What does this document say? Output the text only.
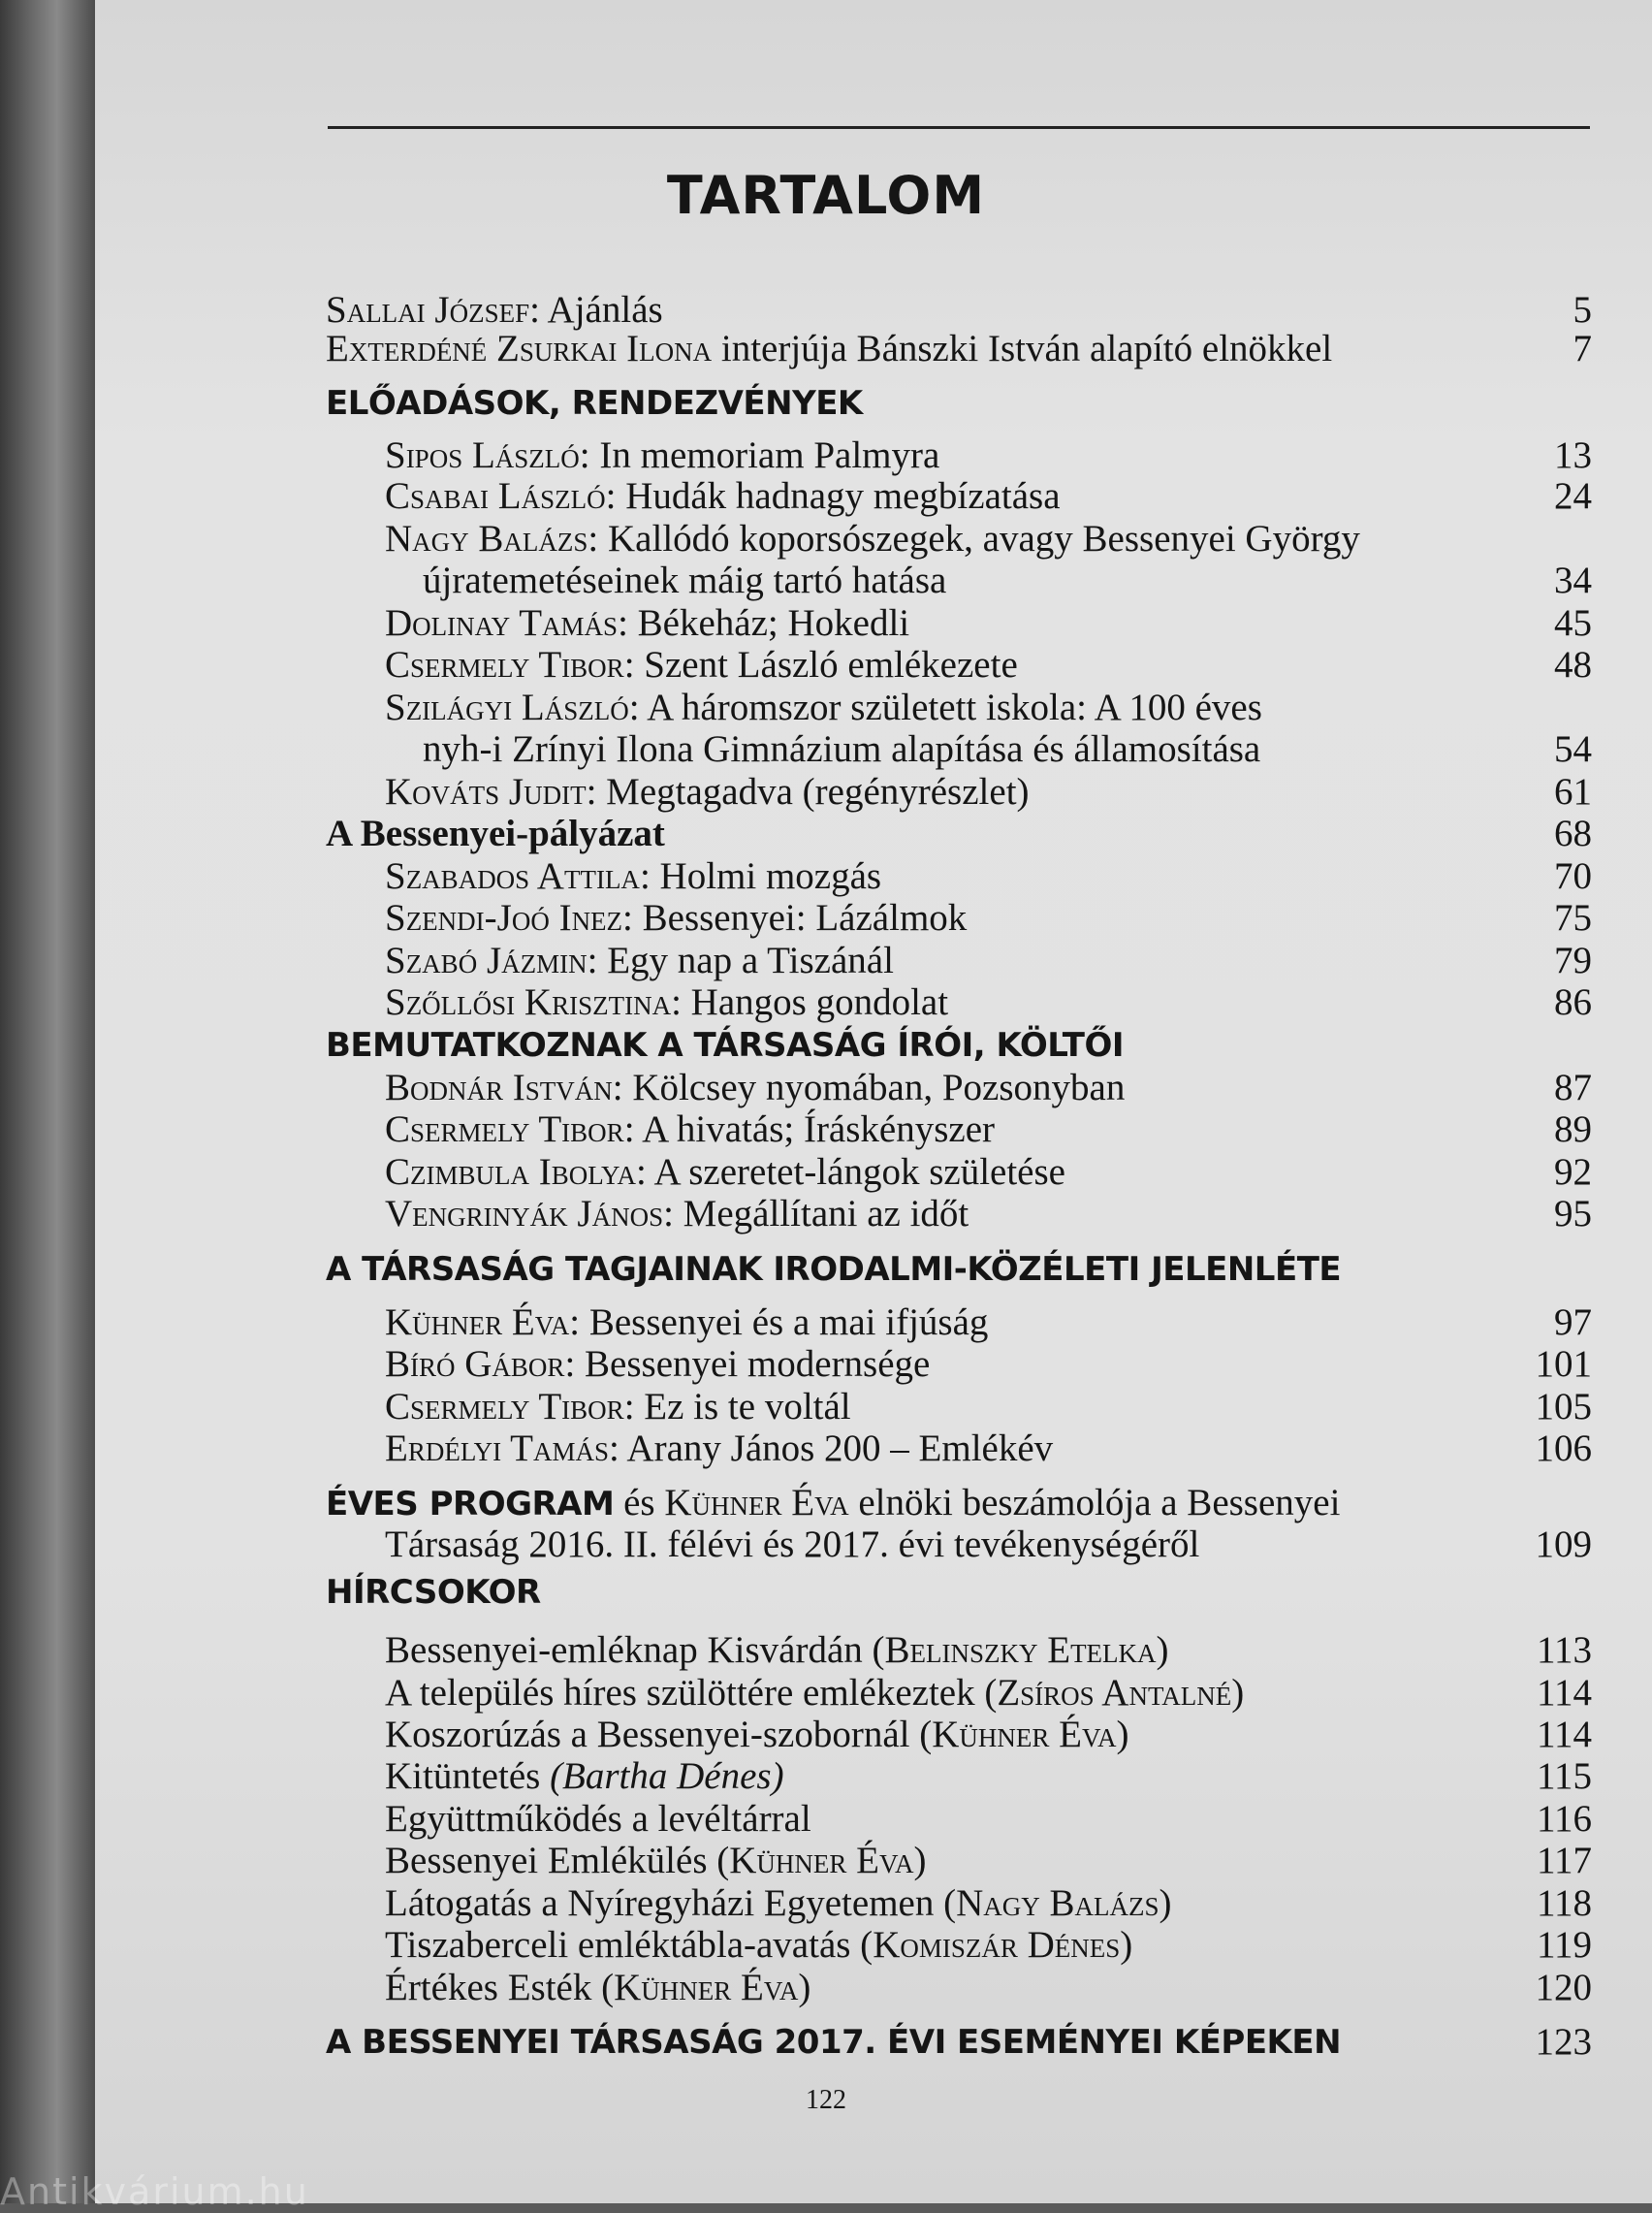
TARTALOM
Sallai József: Ajánlás	5
Exterdéné Zsurkai Ilona interjúja Bánszki István alapító elnökkel	7
ELŐADÁSOK, RENDEZVÉNYEK
Sipos László: In memoriam Palmyra	13
Csabai László: Hudák hadnagy megbízatása	24
Nagy Balázs: Kallódó koporsószegek, avagy Bessenyei György
újratemetéseinek máig tartó hatása	34
Dolinay Tamás: Békeház; Hokedli	45
Csermely Tibor: Szent László emlékezete	48
Szilágyi László: A háromszor született iskola: A 100 éves
nyh-i Zrínyi Ilona Gimnázium alapítása és államosítása	54
Kováts Judit: Megtagadva (regényrészlet)	61
A Bessenyei-pályázat	68
Szabados Attila: Holmi mozgás	70
Szendi-Joó Inez: Bessenyei: Lázálmok	75
Szabó Jázmin: Egy nap a Tiszánál	79
Szőllősi Krisztina: Hangos gondolat	86
BEMUTATKOZNAK A TÁRSASÁG ÍRÓI, KÖLTŐI
Bodnár István: Kölcsey nyomában, Pozsonyban	87
Csermely Tibor: A hivatás; Íráskényszer	89
Czimbula Ibolya: A szeretet-lángok születése	92
Vengrinyák János: Megállítani az időt	95
A TÁRSASÁG TAGJAINAK IRODALMI-KÖZÉLETI JELENLÉTE
Kühner Éva: Bessenyei és a mai ifjúság	97
Bíró Gábor: Bessenyei modernsége	101
Csermely Tibor: Ez is te voltál	105
Erdélyi Tamás: Arany János 200 – Emlékév	106
ÉVES PROGRAM és Kühner Éva elnöki beszámolója a Bessenyei
Társaság 2016. II. félévi és 2017. évi tevékenységéről	109
HÍRCSOKOR
Bessenyei-emléknap Kisvárdán (Belinszky Etelka)	113
A település híres szülöttére emlékeztek (Zsíros Antalné)	114
Koszorúzás a Bessenyei-szobornál (Kühner Éva)	114
Kitüntetés (Bartha Dénes)	115
Együttműködés a levéltárral	116
Bessenyei Emlékülés (Kühner Éva)	117
Látogatás a Nyíregyházi Egyetemen (Nagy Balázs)	118
Tiszaberceli emléktábla-avatás (Komiszár Dénes)	119
Értékes Esték (Kühner Éva)	120
A BESSENYEI TÁRSASÁG 2017. ÉVI ESEMÉNYEI KÉPEKEN	123
122
Antikvárium.hu
